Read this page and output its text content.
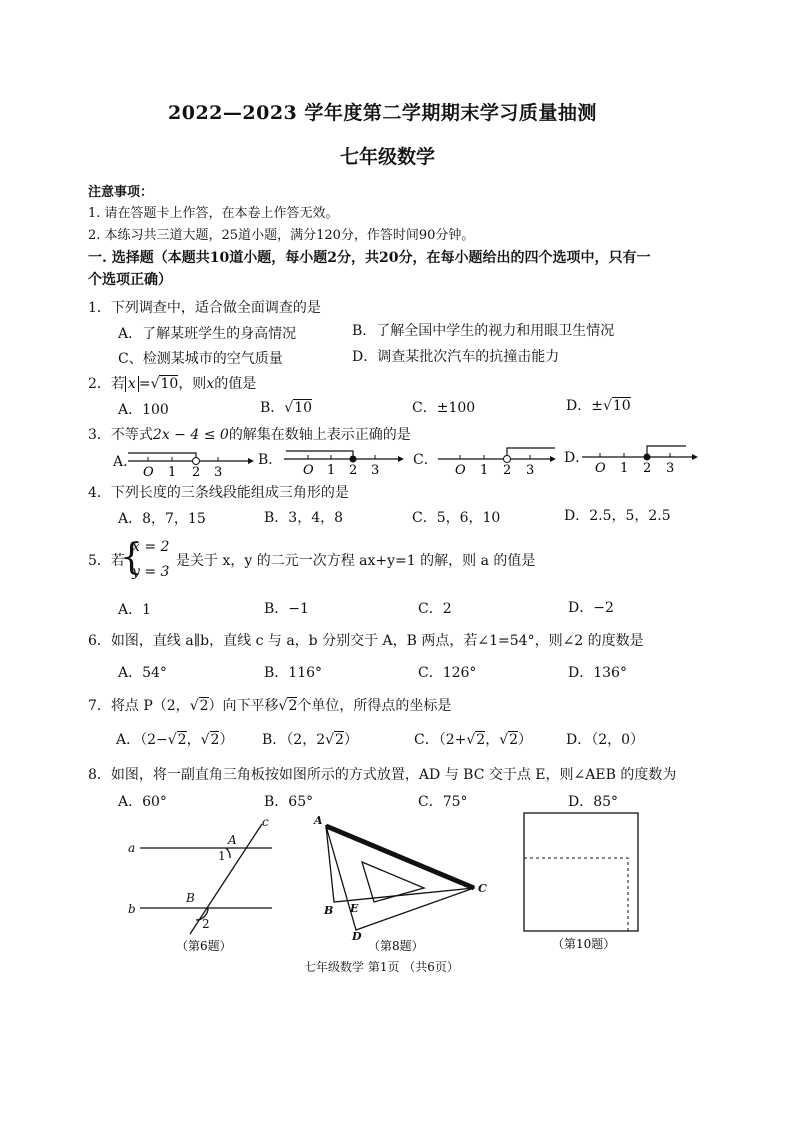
2022—2023 学年度第二学期期末学习质量抽测
七年级数学
注意事项：
1. 请在答题卡上作答，在本卷上作答无效。
2. 本练习共三道大题，25道小题，满分120分，作答时间90分钟。
一. 选择题（本题共10道小题，每小题2分，共20分，在每小题给出的四个选项中，只有一
个选项正确）
1．下列调查中，适合做全面调查的是
A．了解某班学生的身高情况	B．了解全国中学生的视力和用眼卫生情况
C、检测某城市的空气质量	D．调查某批次汽车的抗撞击能力
2．若 x =√10，则x的值是
A．100	B．√10	C．±100	D．±√10
3．不等式2x − 4 ≤ 0的解集在数轴上表示正确的是
A．	B．	C．	D．
O 1 2 3	O 1 2 3	O 1 2 3	O 1 2 3
4．下列长度的三条线段能组成三角形的是
A．8，7，15	B．3，4，8	C．5，6，10	D．2.5，5，2.5
5．若
{
x = 2
y = 3
是关于 x，y 的二元一次方程 ax+y=1 的解，则 a 的值是
A．1	B．−1	C．2	D．−2
6．如图，直线 a∥b，直线 c 与 a，b 分别交于 A，B 两点，若∠1=54°，则∠2 的度数是
A．54°	B．116°	C．126°	D．136°
7．将点 P（2，√2）向下平移√2个单位，所得点的坐标是
A．（2−√2，√2） B．（2，2√2）	C．（2+√2，√2） D．（2，0）
8．如图，将一副直角三角板按如图所示的方式放置，AD 与 BC 交于点 E，则∠AEB 的度数为
A．60°	B．65°	C．75°	D．85°
c
a
A
1
B
b
2
（第6题）
A
B E
D
C
（第8题）	（第10题）
七年级数学 第1页 （共6页）
